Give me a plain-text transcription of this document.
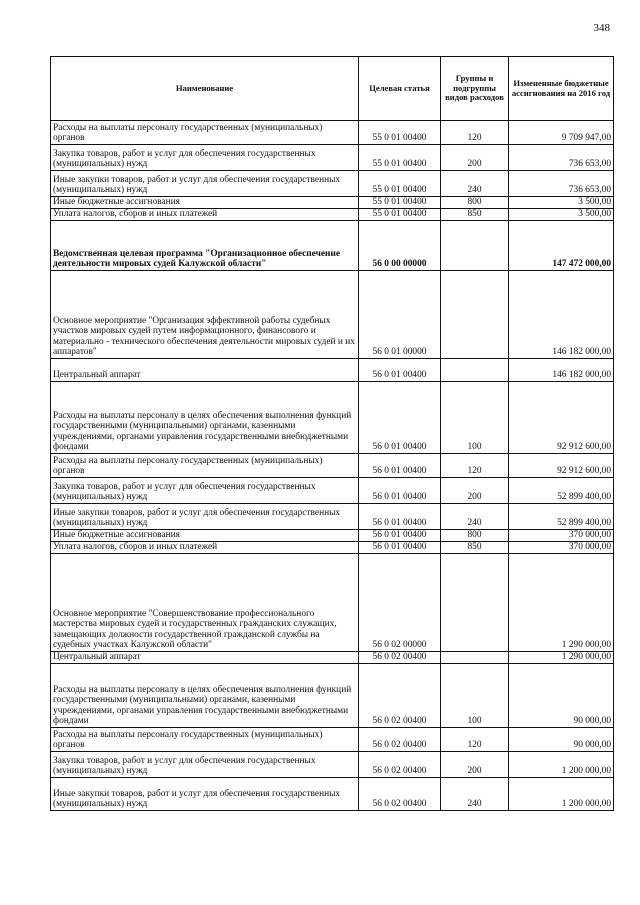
348
Наименование	Целевая статья	Группы и подгруппы видов расходов	Измененные бюджетные ассигнования на 2016 год
Расходы на выплаты персоналу государственных (муниципальных) органов	55 0 01 00400	120	9 709 947,00
Закупка товаров, работ и услуг для обеспечения государственных (муниципальных) нужд	55 0 01 00400	200	736 653,00
Иные закупки товаров, работ и услуг для обеспечения государственных (муниципальных) нужд	55 0 01 00400	240	736 653,00
Иные бюджетные ассигнования	55 0 01 00400	800	3 500,00
Уплата налогов, сборов и иных платежей	55 0 01 00400	850	3 500,00
Ведомственная целевая программа "Организационное обеспечение деятельности мировых судей Калужской области"	56 0 00 00000		147 472 000,00
Основное мероприятие "Организация эффективной работы судебных участков мировых судей путем информационного, финансового и материально - технического обеспечения деятельности мировых судей и их аппаратов"	56 0 01 00000		146 182 000,00
Центральный аппарат	56 0 01 00400		146 182 000,00
Расходы на выплаты персоналу в целях обеспечения выполнения функций государственными (муниципальными) органами, казенными учреждениями, органами управления государственными внебюджетными фондами	56 0 01 00400	100	92 912 600,00
Расходы на выплаты персоналу государственных (муниципальных) органов	56 0 01 00400	120	92 912 600,00
Закупка товаров, работ и услуг для обеспечения государственных (муниципальных) нужд	56 0 01 00400	200	52 899 400,00
Иные закупки товаров, работ и услуг для обеспечения государственных (муниципальных) нужд	56 0 01 00400	240	52 899 400,00
Иные бюджетные ассигнования	56 0 01 00400	800	370 000,00
Уплата налогов, сборов и иных платежей	56 0 01 00400	850	370 000,00
Основное мероприятие "Совершенствование профессионального мастерства мировых судей и государственных гражданских служащих, замещающих должности государственной гражданской службы на судебных участках Калужской области"	56 0 02 00000		1 290 000,00
Центральный аппарат	56 0 02 00400		1 290 000,00
Расходы на выплаты персоналу в целях обеспечения выполнения функций государственными (муниципальными) органами, казенными учреждениями, органами управления государственными внебюджетными фондами	56 0 02 00400	100	90 000,00
Расходы на выплаты персоналу государственных (муниципальных) органов	56 0 02 00400	120	90 000,00
Закупка товаров, работ и услуг для обеспечения государственных (муниципальных) нужд	56 0 02 00400	200	1 200 000,00
Иные закупки товаров, работ и услуг для обеспечения государственных (муниципальных) нужд	56 0 02 00400	240	1 200 000,00
